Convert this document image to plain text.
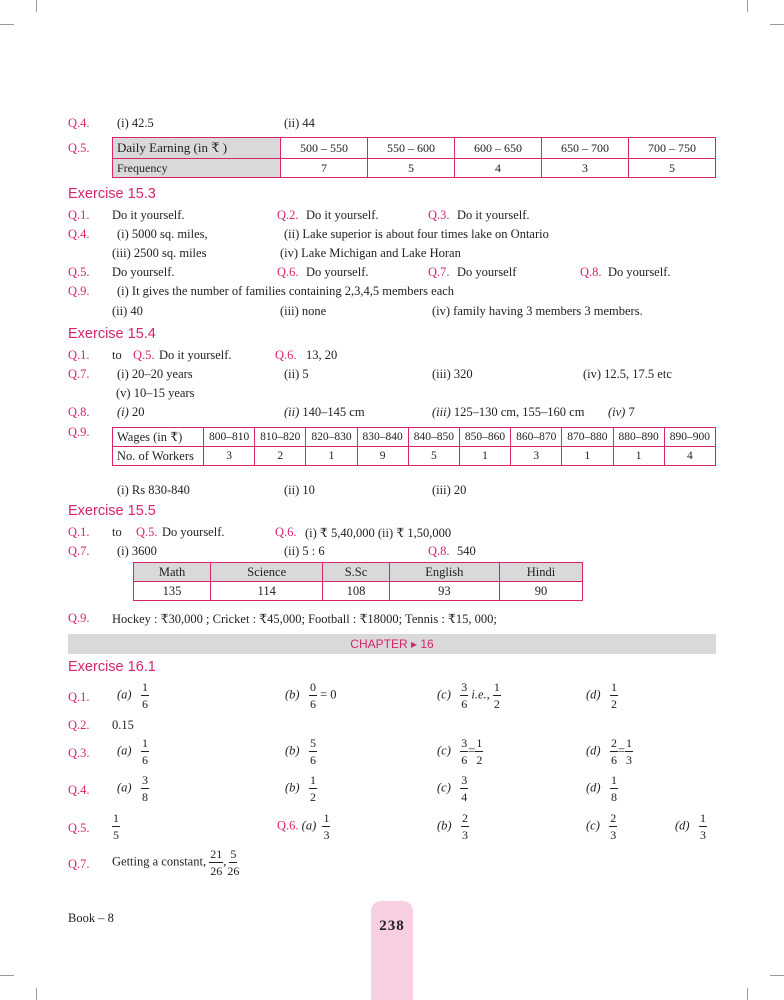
Q.4. (i) 42.5	(ii) 44
Q.5. Daily Earning (in ₹ )	500 – 550	550 – 600	600 – 650	650 – 700	700 – 750
Frequency	7	5	4	3	5
Exercise 15.3
Q.1. Do it yourself.	Q.2. Do it yourself.	Q.3. Do it yourself.
Q.4. (i) 5000 sq. miles,	(ii) Lake superior is about four times lake on Ontario
(iii) 2500 sq. miles	(iv) Lake Michigan and Lake Horan
Q.5. Do yourself.	Q.6. Do yourself.	Q.7. Do yourself	Q.8. Do yourself.
Q.9. (i) It gives the number of families containing 2,3,4,5 members each
(ii) 40	(iii) none	(iv) family having 3 members 3 members.
Exercise 15.4
Q.1. to Q.5. Do it yourself.	Q.6. 13, 20
Q.7. (i) 20–20 years	(ii) 5	(iii) 320	(iv) 12.5, 17.5 etc
(v) 10–15 years
Q.8. (i) 20	(ii) 140–145 cm	(iii) 125–130 cm, 155–160 cm (iv) 7
Q.9. Wages (in ₹)	800–810	810–820	820–830	830–840	840–850	850–860	860–870	870–880	880–890	890–900
No. of Workers	3	2	1	9	5	1	3	1	1	4
(i) Rs 830-840	(ii) 10	(iii) 20
Exercise 15.5
Q.1. to Q.5. Do yourself.	Q.6. (i) ₹ 5,40,000 (ii) ₹ 1,50,000
Q.7. (i) 3600	(ii) 5 : 6	Q.8. 540
Math	Science	S.Sc	English	Hindi
135	114	108	93	90
Q.9. Hockey : ₹30,000 ; Cricket : ₹45,000; Football : ₹18000; Tennis : ₹15, 000;
CHAPTER ▸ 16
Exercise 16.1
Q.1. $(a) \frac{1}{6}$	$(b) \frac{0}{6} = 0$	$(c) \frac{3}{6} i.e$., $\frac{1}{2}$	$(d) \frac{1}{2}$
Q.2. 0.15
Q.3. $(a) \frac{1}{6}$	$(b) \frac{5}{6}$	$(c) \frac{3}{6} = \frac{1}{2}$	$(d) \frac{2}{6} = \frac{1}{3}$
Q.4. $(a) \frac{3}{8}$	$(b) \frac{1}{2}$	$(c) \frac{3}{4}$	$(d) \frac{1}{8}$
Q.5. $\frac{1}{5}$	Q.6. $(a) \frac{1}{3}$	$(b) \frac{2}{3}$	$(c) \frac{2}{3}$	$(d) \frac{1}{3}$
Q.7. Getting a constant, $\frac{21}{26}$ , $\frac{5}{26}$
Book – 8	238
